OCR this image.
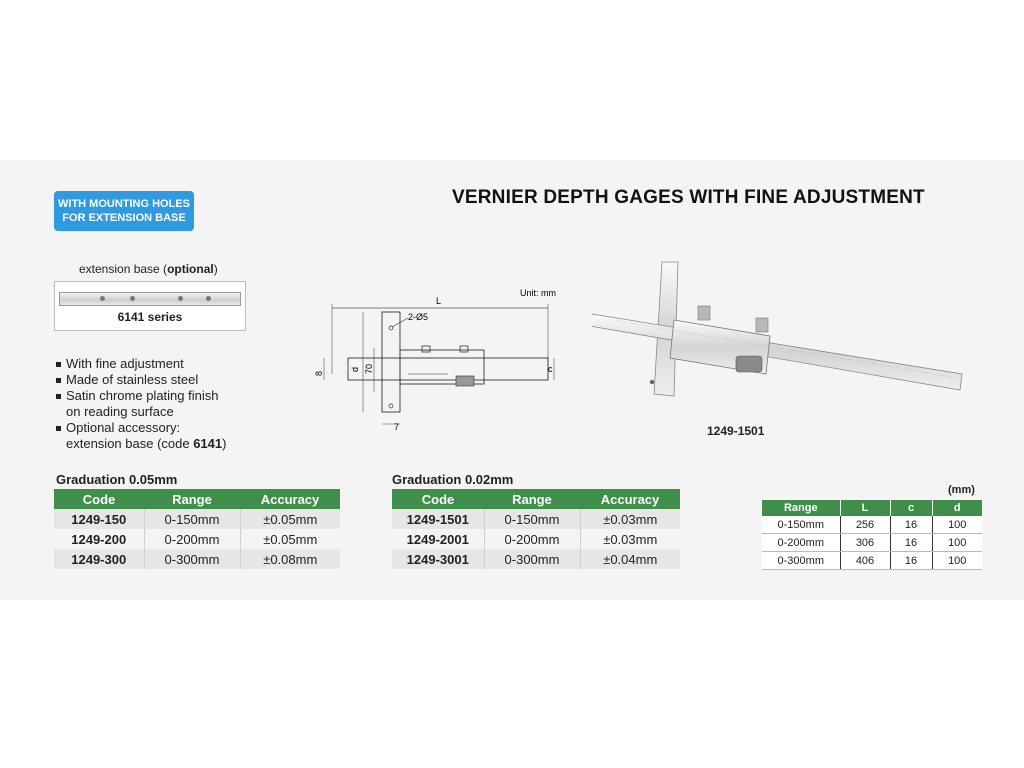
WITH MOUNTING HOLES
FOR EXTENSION BASE
VERNIER DEPTH GAGES WITH FINE ADJUSTMENT
extension base (optional)
6141 series
With fine adjustment
Made of stainless steel
Satin chrome plating finish
on reading surface
Optional accessory:
extension base (code 6141)
Unit: mm
L
2-Ø5
d 70
8	c
7	1249-1501
Graduation 0.05mm
Code	Range	Accuracy
1249-150	0-150mm	±0.05mm
1249-200	0-200mm	±0.05mm
1249-300	0-300mm	±0.08mm
Graduation 0.02mm
Code	Range	Accuracy
1249-1501	0-150mm	±0.03mm
1249-2001	0-200mm	±0.03mm
1249-3001	0-300mm	±0.04mm
(mm)
Range	L	c	d
0-150mm	256	16	100
0-200mm	306	16	100
0-300mm	406	16	100
